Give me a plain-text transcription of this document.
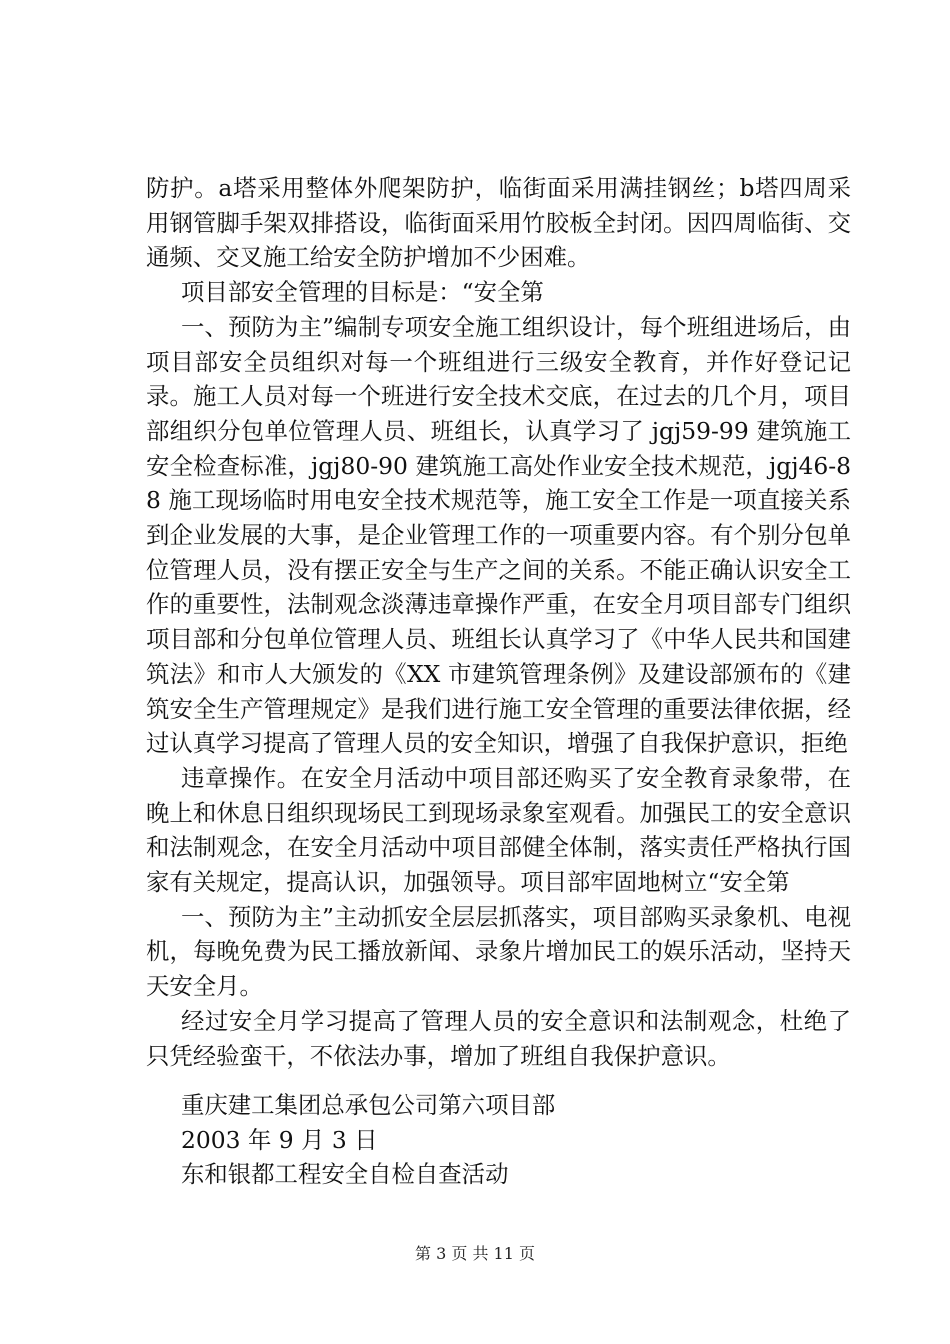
防护。a塔采用整体外爬架防护，临街面采用满挂钢丝；b塔四周采用钢管脚手架双排搭设，临街面采用竹胶板全封闭。因四周临街、交通频、交叉施工给安全防护增加不少困难。

项目部安全管理的目标是：“安全第

一、预防为主”编制专项安全施工组织设计，每个班组进场后，由项目部安全员组织对每一个班组进行三级安全教育，并作好登记记录。施工人员对每一个班进行安全技术交底，在过去的几个月，项目部组织分包单位管理人员、班组长，认真学习了 jgj59-99 建筑施工安全检查标准，jgj80-90 建筑施工高处作业安全技术规范，jgj46-88 施工现场临时用电安全技术规范等，施工安全工作是一项直接关系到企业发展的大事，是企业管理工作的一项重要内容。有个别分包单位管理人员，没有摆正安全与生产之间的关系。不能正确认识安全工作的重要性，法制观念淡薄违章操作严重，在安全月项目部专门组织项目部和分包单位管理人员、班组长认真学习了《中华人民共和国建筑法》和市人大颁发的《XX 市建筑管理条例》及建设部颁布的《建筑安全生产管理规定》是我们进行施工安全管理的重要法律依据，经过认真学习提高了管理人员的安全知识，增强了自我保护意识，拒绝

违章操作。在安全月活动中项目部还购买了安全教育录象带，在晚上和休息日组织现场民工到现场录象室观看。加强民工的安全意识和法制观念，在安全月活动中项目部健全体制，落实责任严格执行国家有关规定，提高认识，加强领导。项目部牢固地树立“安全第

一、预防为主”主动抓安全层层抓落实，项目部购买录象机、电视机，每晚免费为民工播放新闻、录象片增加民工的娱乐活动，坚持天天安全月。

经过安全月学习提高了管理人员的安全意识和法制观念，杜绝了只凭经验蛮干，不依法办事，增加了班组自我保护意识。

重庆建工集团总承包公司第六项目部
2003 年 9 月 3 日
东和银都工程安全自检自查活动
第 3 页 共 11 页
